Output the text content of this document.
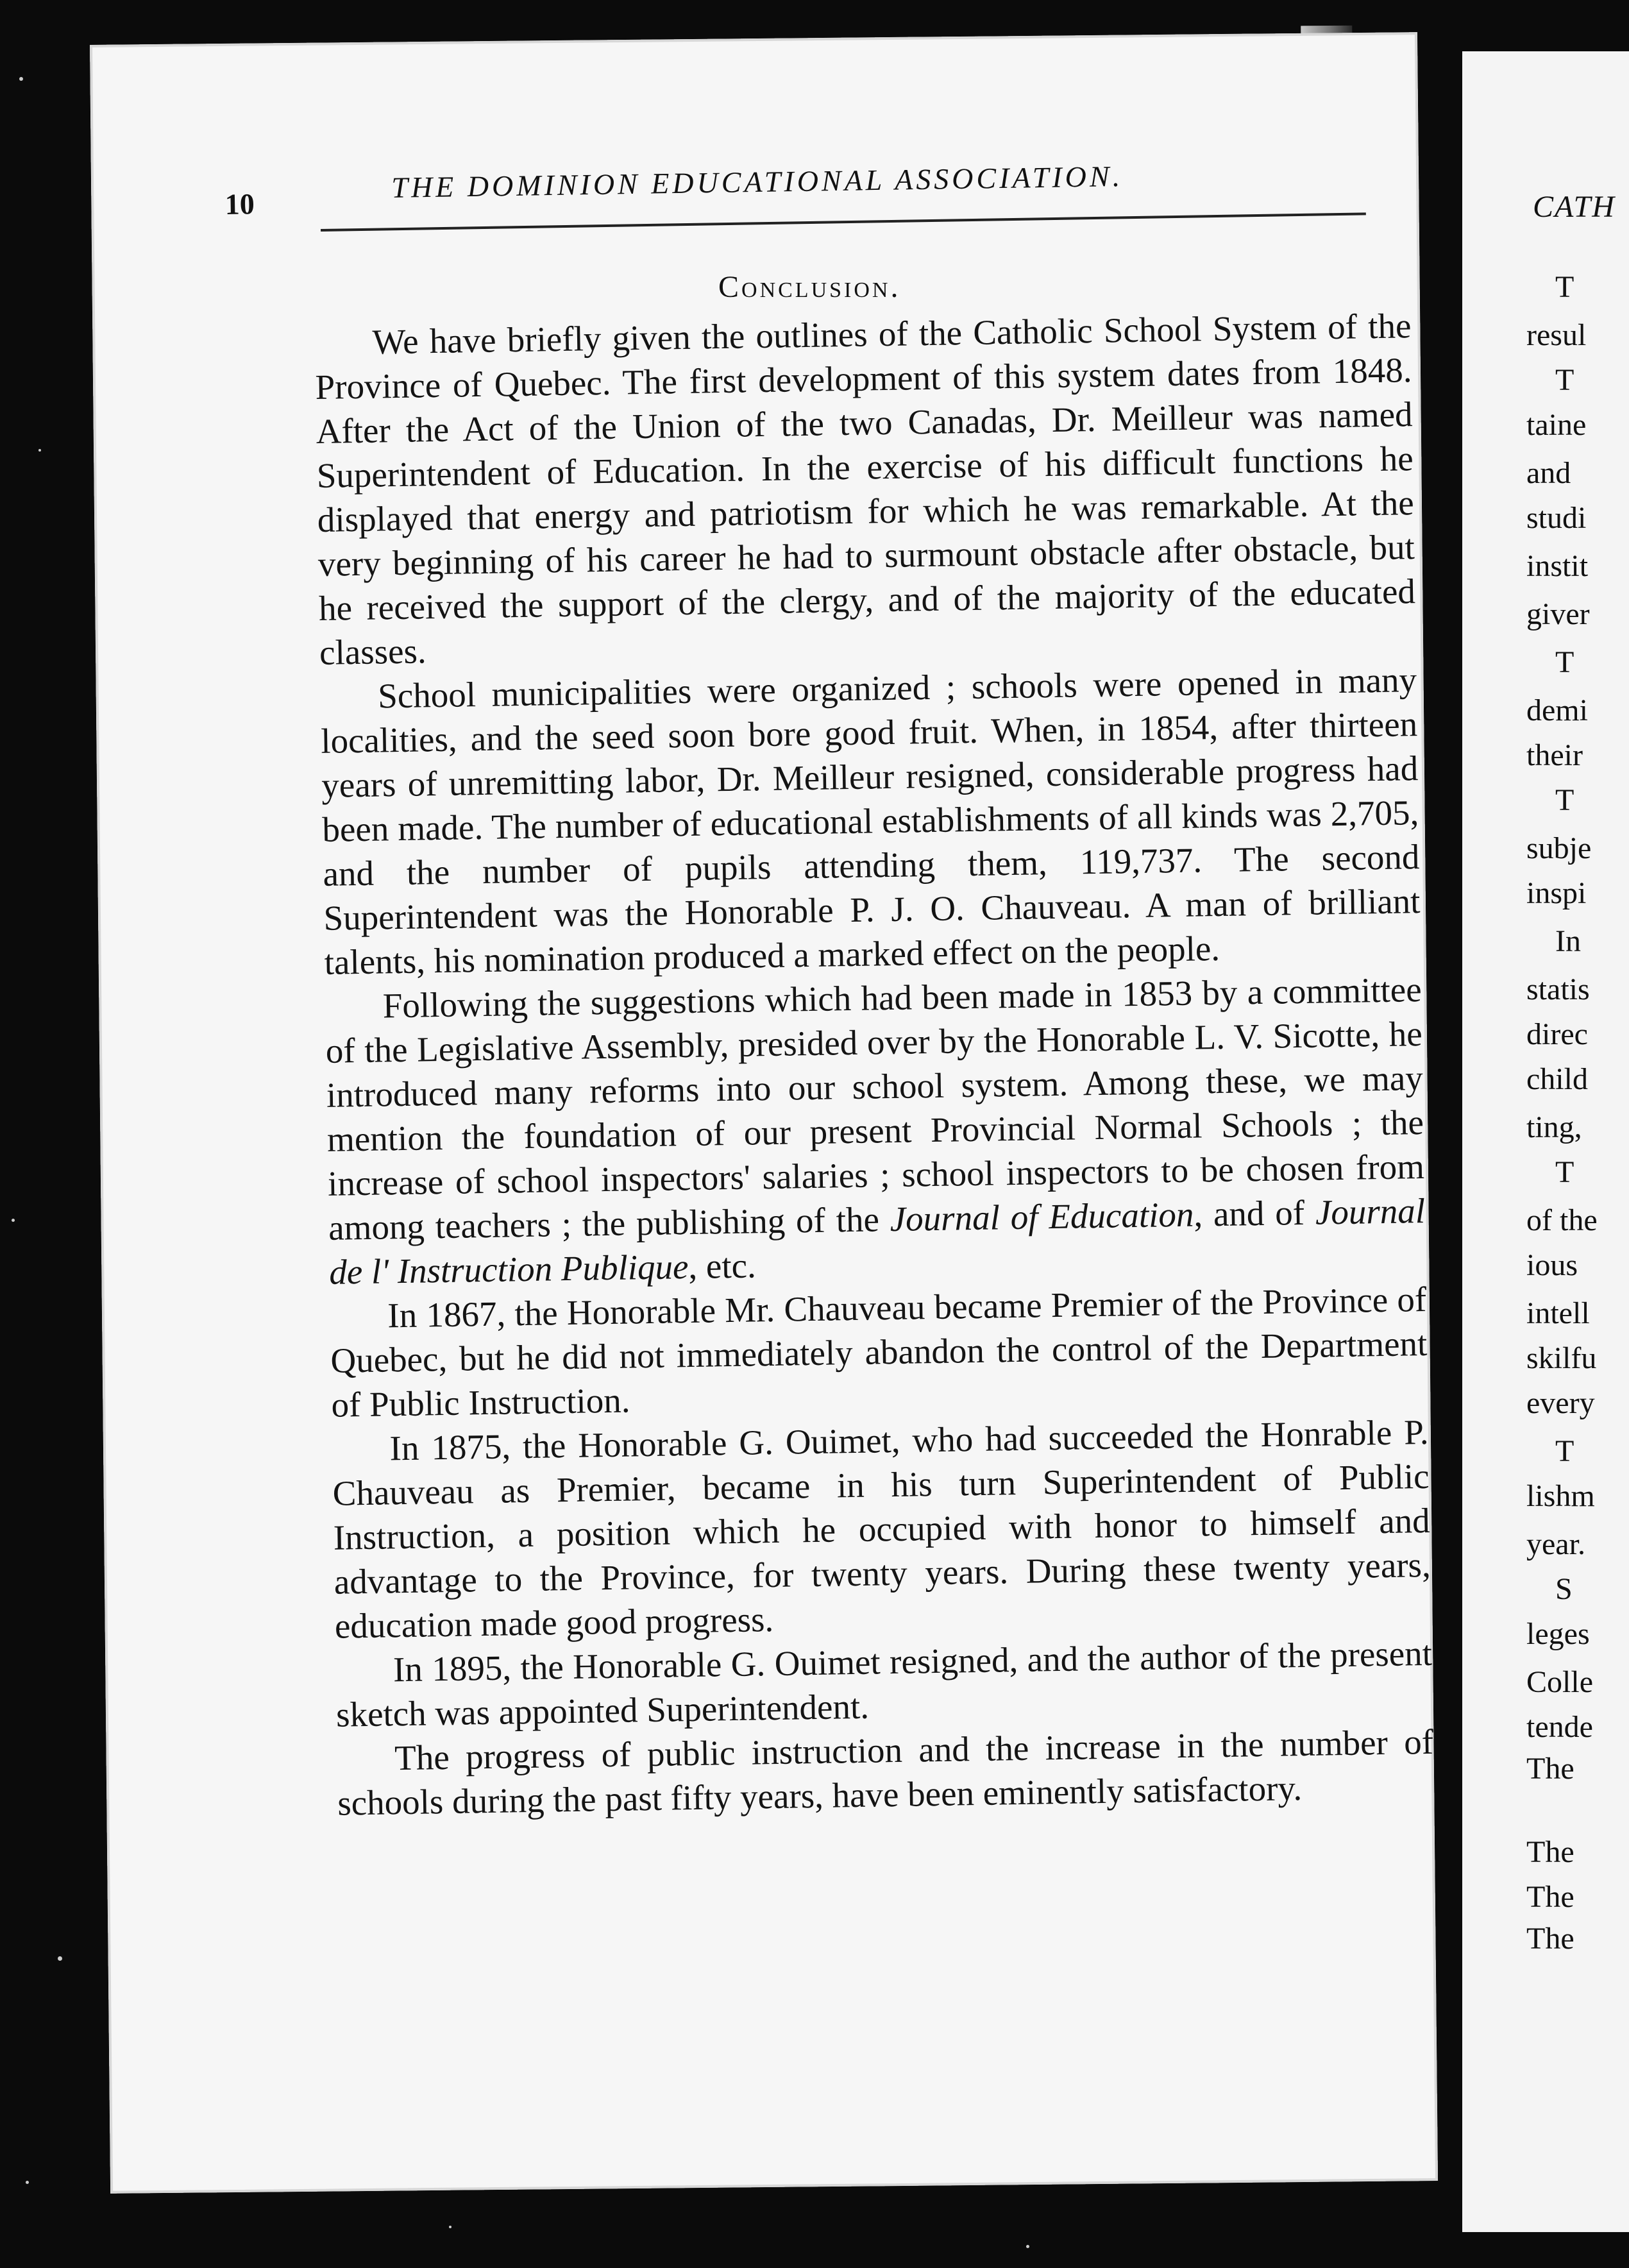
CATH
T
resul
T
taine
and
studi
instit
giver
T
demi
their
T
subje
inspi
In
statis
direc
child
ting,
T
of the
ious
intell
skilfu
every
T
lishm
year.
S
leges
Colle
tende
The
The
The
The
10
THE DOMINION EDUCATIONAL ASSOCIATION.
Conclusion.

We have briefly given the outlines of the Catholic School System of the Province of Quebec. The first development of this system dates from 1848. After the Act of the Union of the two Canadas, Dr. Meilleur was named Superintendent of Education. In the exercise of his difficult functions he displayed that energy and patriotism for which he was remarkable. At the very beginning of his career he had to surmount obstacle after obstacle, but he received the support of the clergy, and of the majority of the educated classes.

School municipalities were organized ; schools were opened in many localities, and the seed soon bore good fruit. When, in 1854, after thirteen years of unremitting labor, Dr. Meilleur resigned, considerable progress had been made. The number of educational establishments of all kinds was 2,705, and the number of pupils attending them, 119,737. The second Superintendent was the Honorable P. J. O. Chauveau. A man of brilliant talents, his nomination produced a marked effect on the people.

Following the suggestions which had been made in 1853 by a committee of the Legislative Assembly, presided over by the Honorable L. V. Sicotte, he introduced many reforms into our school system. Among these, we may mention the foundation of our present Provincial Normal Schools ; the increase of school inspectors' salaries ; school inspectors to be chosen from among teachers ; the publishing of the Journal of Education, and of Journal de l' Instruction Publique, etc.

In 1867, the Honorable Mr. Chauveau became Premier of the Province of Quebec, but he did not immediately abandon the control of the Department of Public Instruction.

In 1875, the Honorable G. Ouimet, who had succeeded the Honrable P. Chauveau as Premier, became in his turn Superintendent of Public Instruction, a position which he occupied with honor to himself and advantage to the Province, for twenty years. During these twenty years, education made good progress.

In 1895, the Honorable G. Ouimet resigned, and the author of the present sketch was appointed Superintendent.

The progress of public instruction and the increase in the number of schools during the past fifty years, have been eminently satisfactory.
